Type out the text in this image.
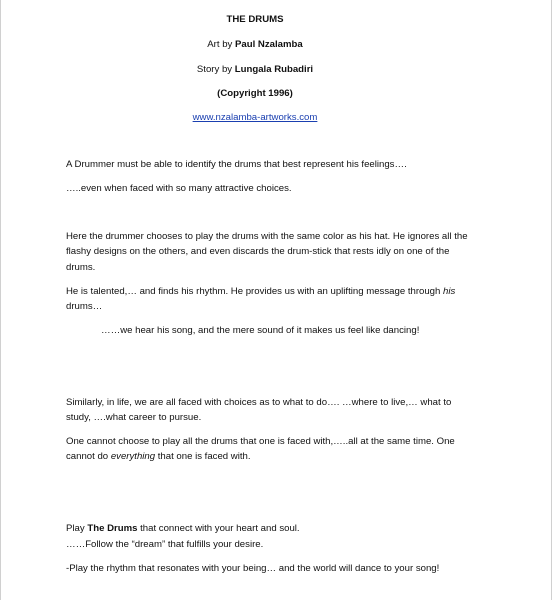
THE DRUMS
Art by Paul Nzalamba
Story by Lungala Rubadiri
(Copyright 1996)
www.nzalamba-artworks.com
A Drummer must be able to identify the drums that best represent his feelings….
…..even when faced with so many attractive choices.
Here the drummer chooses to play the drums with the same color as his hat. He ignores all the
flashy designs on the others, and even discards the drum-stick that rests idly on one of the
drums.
He is talented,… and finds his rhythm. He provides us with an uplifting message through his
drums…
……we hear his song, and the mere sound of it makes us feel like dancing!
Similarly, in life, we are all faced with choices as to what to do…. …where to live,… what to
study, ….what career to pursue.
One cannot choose to play all the drums that one is faced with,…..all at the same time. One
cannot do everything that one is faced with.
Play The Drums that connect with your heart and soul.
……Follow the “dream” that fulfills your desire.
-Play the rhythm that resonates with your being… and the world will dance to your song!
